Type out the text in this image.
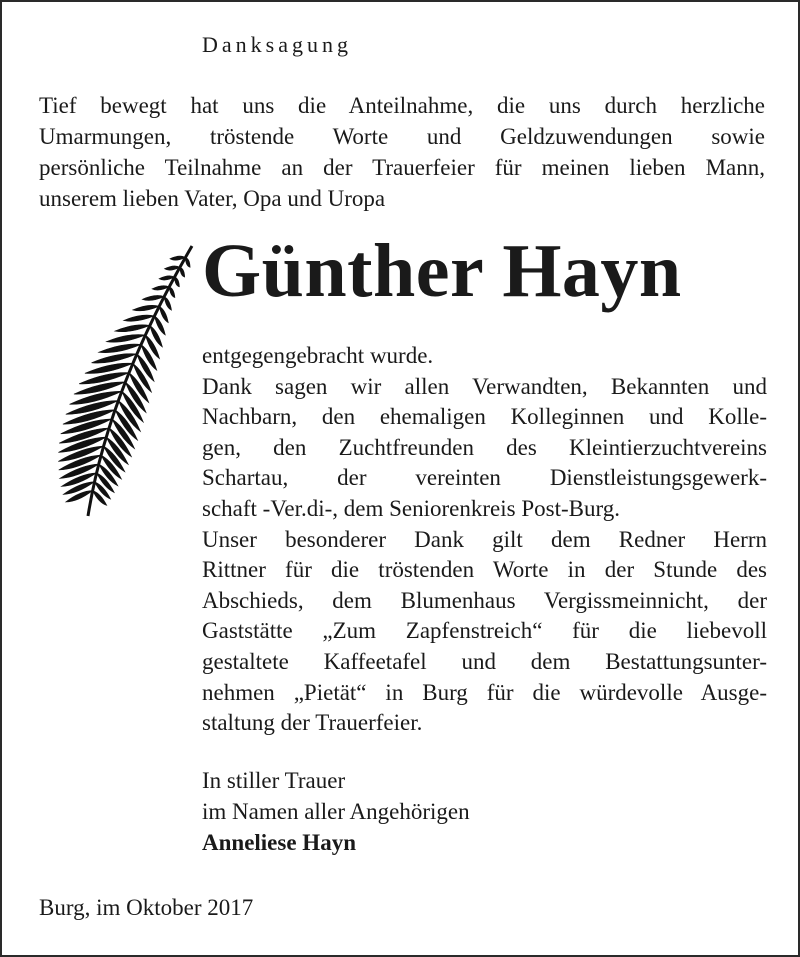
Danksagung
Tief bewegt hat uns die Anteilnahme, die uns durch herzliche
Umarmungen, tröstende Worte und Geldzuwendungen sowie
persönliche Teilnahme an der Trauerfeier für meinen lieben Mann,
unserem lieben Vater, Opa und Uropa
Günther Hayn
entgegengebracht wurde.
Dank sagen wir allen Verwandten, Bekannten und
Nachbarn, den ehemaligen Kolleginnen und Kolle-
gen, den Zuchtfreunden des Kleintierzuchtvereins
Schartau, der vereinten Dienstleistungsgewerk-
schaft -Ver.di-, dem Seniorenkreis Post-Burg.
Unser besonderer Dank gilt dem Redner Herrn
Rittner für die tröstenden Worte in der Stunde des
Abschieds, dem Blumenhaus Vergissmeinnicht, der
Gaststätte „Zum Zapfenstreich“ für die liebevoll
gestaltete Kaffeetafel und dem Bestattungsunter-
nehmen „Pietät“ in Burg für die würdevolle Ausge-
staltung der Trauerfeier.
In stiller Trauer
im Namen aller Angehörigen
Anneliese Hayn
Burg, im Oktober 2017
